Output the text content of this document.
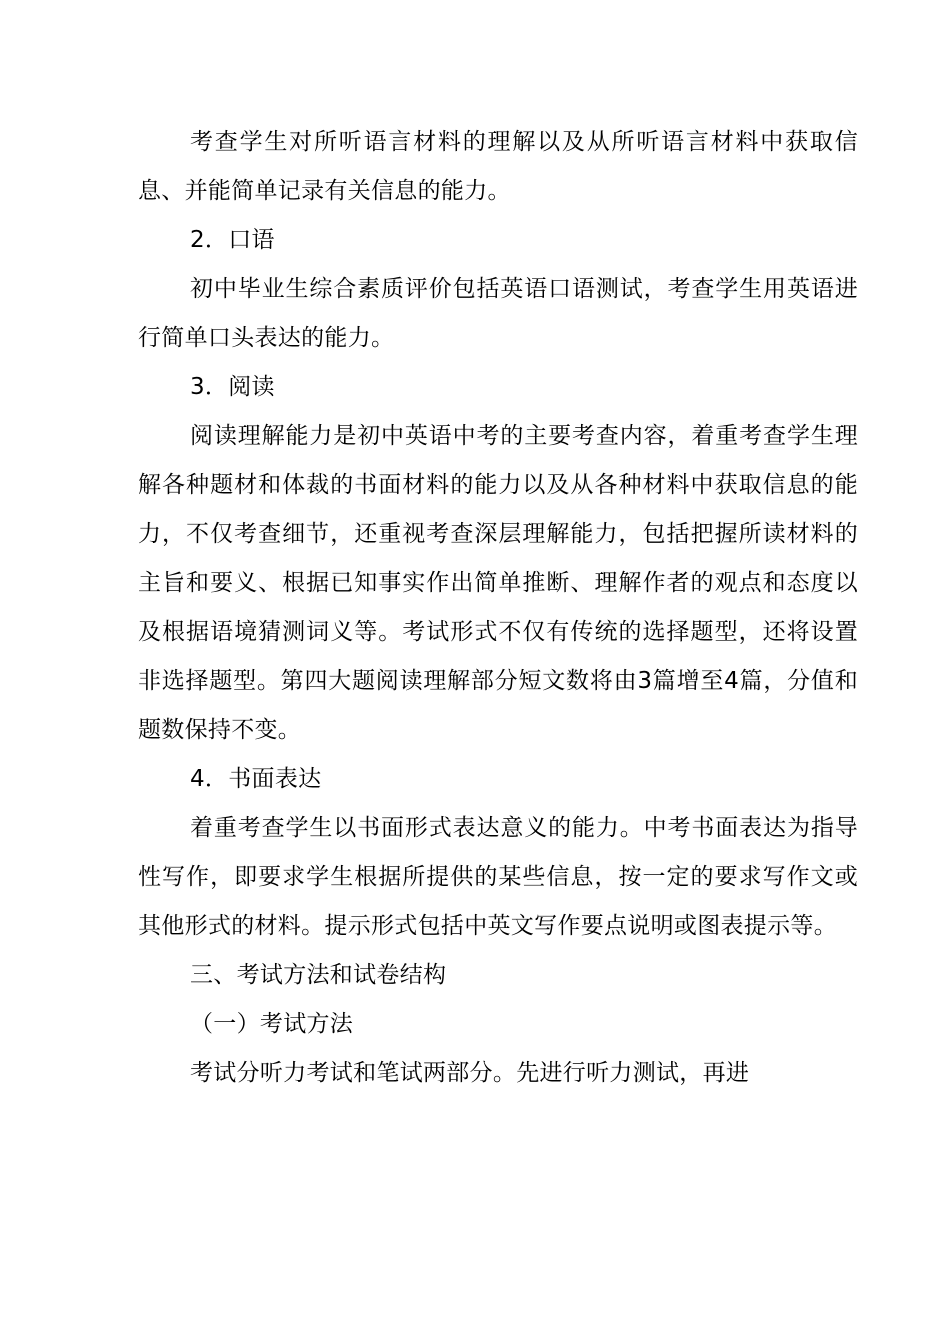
考查学生对所听语言材料的理解以及从所听语言材料中获取信息、并能简单记录有关信息的能力。

2．口语

初中毕业生综合素质评价包括英语口语测试，考查学生用英语进行简单口头表达的能力。

3．阅读

阅读理解能力是初中英语中考的主要考查内容，着重考查学生理解各种题材和体裁的书面材料的能力以及从各种材料中获取信息的能力，不仅考查细节，还重视考查深层理解能力，包括把握所读材料的主旨和要义、根据已知事实作出简单推断、理解作者的观点和态度以及根据语境猜测词义等。考试形式不仅有传统的选择题型，还将设置非选择题型。第四大题阅读理解部分短文数将由3篇增至4篇，分值和题数保持不变。

4．书面表达

着重考查学生以书面形式表达意义的能力。中考书面表达为指导性写作，即要求学生根据所提供的某些信息，按一定的要求写作文或其他形式的材料。提示形式包括中英文写作要点说明或图表提示等。

三、考试方法和试卷结构

（一）考试方法

考试分听力考试和笔试两部分。先进行听力测试，再进
